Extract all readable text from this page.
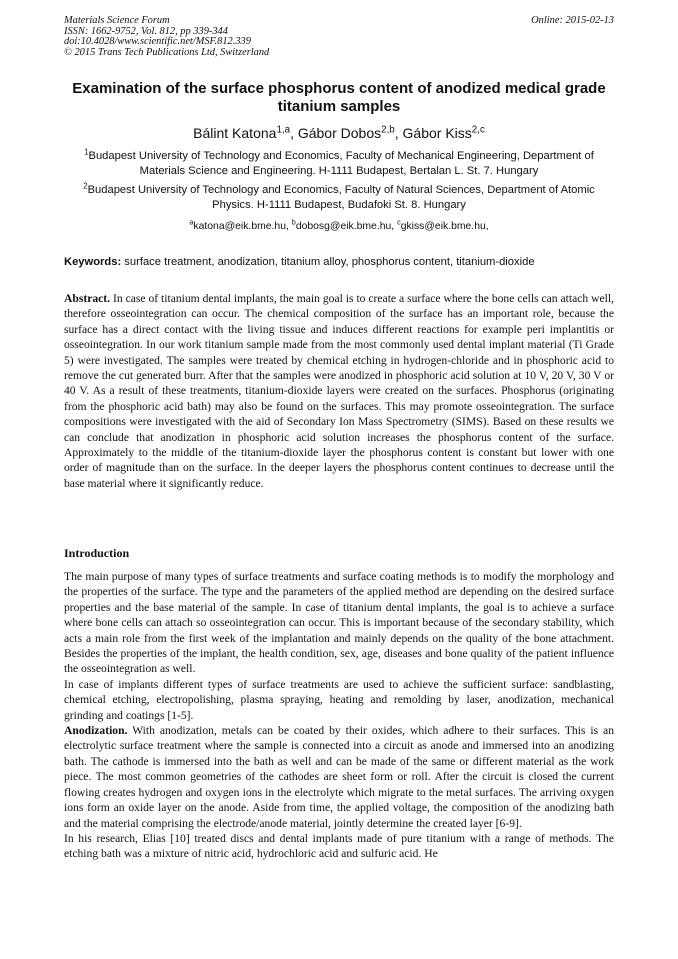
Materials Science Forum
ISSN: 1662-9752, Vol. 812, pp 339-344
doi:10.4028/www.scientific.net/MSF.812.339
© 2015 Trans Tech Publications Ltd, Switzerland
Online: 2015-02-13
Examination of the surface phosphorus content of anodized medical grade titanium samples
Bálint Katona$^{1,a}$, Gábor Dobos$^{2,b}$, Gábor Kiss$^{2,c}$
$^1$Budapest University of Technology and Economics, Faculty of Mechanical Engineering, Department of Materials Science and Engineering. H-1111 Budapest, Bertalan L. St. 7. Hungary
$^2$Budapest University of Technology and Economics, Faculty of Natural Sciences, Department of Atomic Physics. H-1111 Budapest, Budafoki St. 8. Hungary
$^a$katona@eik.bme.hu, $^b$dobosg@eik.bme.hu, $^c$gkiss@eik.bme.hu,
Keywords: surface treatment, anodization, titanium alloy, phosphorus content, titanium-dioxide
Abstract. In case of titanium dental implants, the main goal is to create a surface where the bone cells can attach well, therefore osseointegration can occur. The chemical composition of the surface has an important role, because the surface has a direct contact with the living tissue and induces different reactions for example peri implantitis or osseointegration. In our work titanium sample made from the most commonly used dental implant material (Ti Grade 5) were investigated. The samples were treated by chemical etching in hydrogen-chloride and in phosphoric acid to remove the cut generated burr. After that the samples were anodized in phosphoric acid solution at 10 V, 20 V, 30 V or 40 V. As a result of these treatments, titanium-dioxide layers were created on the surfaces. Phosphorus (originating from the phosphoric acid bath) may also be found on the surfaces. This may promote osseointegration. The surface compositions were investigated with the aid of Secondary Ion Mass Spectrometry (SIMS). Based on these results we can conclude that anodization in phosphoric acid solution increases the phosphorus content of the surface. Approximately to the middle of the titanium-dioxide layer the phosphorus content is constant but lower with one order of magnitude than on the surface. In the deeper layers the phosphorus content continues to decrease until the base material where it significantly reduce.
Introduction

The main purpose of many types of surface treatments and surface coating methods is to modify the morphology and the properties of the surface. The type and the parameters of the applied method are depending on the desired surface properties and the base material of the sample. In case of titanium dental implants, the goal is to achieve a surface where bone cells can attach so osseointegration can occur. This is important because of the secondary stability, which acts a main role from the first week of the implantation and mainly depends on the quality of the bone attachment. Besides the properties of the implant, the health condition, sex, age, diseases and bone quality of the patient influence the osseointegration as well.

In case of implants different types of surface treatments are used to achieve the sufficient surface: sandblasting, chemical etching, electropolishing, plasma spraying, heating and remolding by laser, anodization, mechanical grinding and coatings [1-5].

Anodization. With anodization, metals can be coated by their oxides, which adhere to their surfaces. This is an electrolytic surface treatment where the sample is connected into a circuit as anode and immersed into an anodizing bath. The cathode is immersed into the bath as well and can be made of the same or different material as the work piece. The most common geometries of the cathodes are sheet form or roll. After the circuit is closed the current flowing creates hydrogen and oxygen ions in the electrolyte which migrate to the metal surfaces. The arriving oxygen ions form an oxide layer on the anode. Aside from time, the applied voltage, the composition of the anodizing bath and the material comprising the electrode/anode material, jointly determine the created layer [6-9].

In his research, Elias [10] treated discs and dental implants made of pure titanium with a range of methods. The etching bath was a mixture of nitric acid, hydrochloric acid and sulfuric acid. He
